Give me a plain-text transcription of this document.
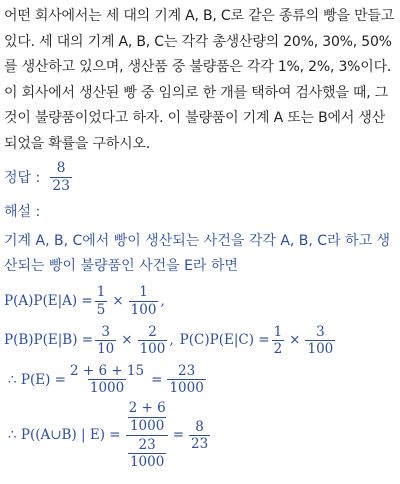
어떤 회사에서는 세 대의 기계 A, B, C로 같은 종류의 빵을 만들고 있다. 세 대의 기계 A, B, C는 각각 총생산량의 20%, 30%, 50%를 생산하고 있으며, 생산품 중 불량품은 각각 1%, 2%, 3%이다. 이 회사에서 생산된 빵 중 임의로 한 개를 택하여 검사했을 때, 그것이 불량품이었다고 하자. 이 불량품이 기계 A 또는 B에서 생산되었을 확률을 구하시오.

정답 : $\frac{8}{23}$
해설 :

기계 A, B, C에서 빵이 생산되는 사건을 각각 A, B, C라 하고 생산되는 빵이 불량품인 사건을 E라 하면

$P(A)P(E|A) = \frac{1}{5} \times \frac{1}{100}$ ,
$P(B)P(E|B) = \frac{3}{10} \times \frac{2}{100}$ , $P(C)P(E|C) = \frac{1}{2} \times \frac{3}{100}$
∴ $P(E) = \frac{2 + 6 + 15}{1000} = \frac{23}{1000}$
∴ P((A∪B) | $E) = \frac{\frac{2 + 6}{1000}}{\frac{23}{1000}} = \frac{8}{23}$
